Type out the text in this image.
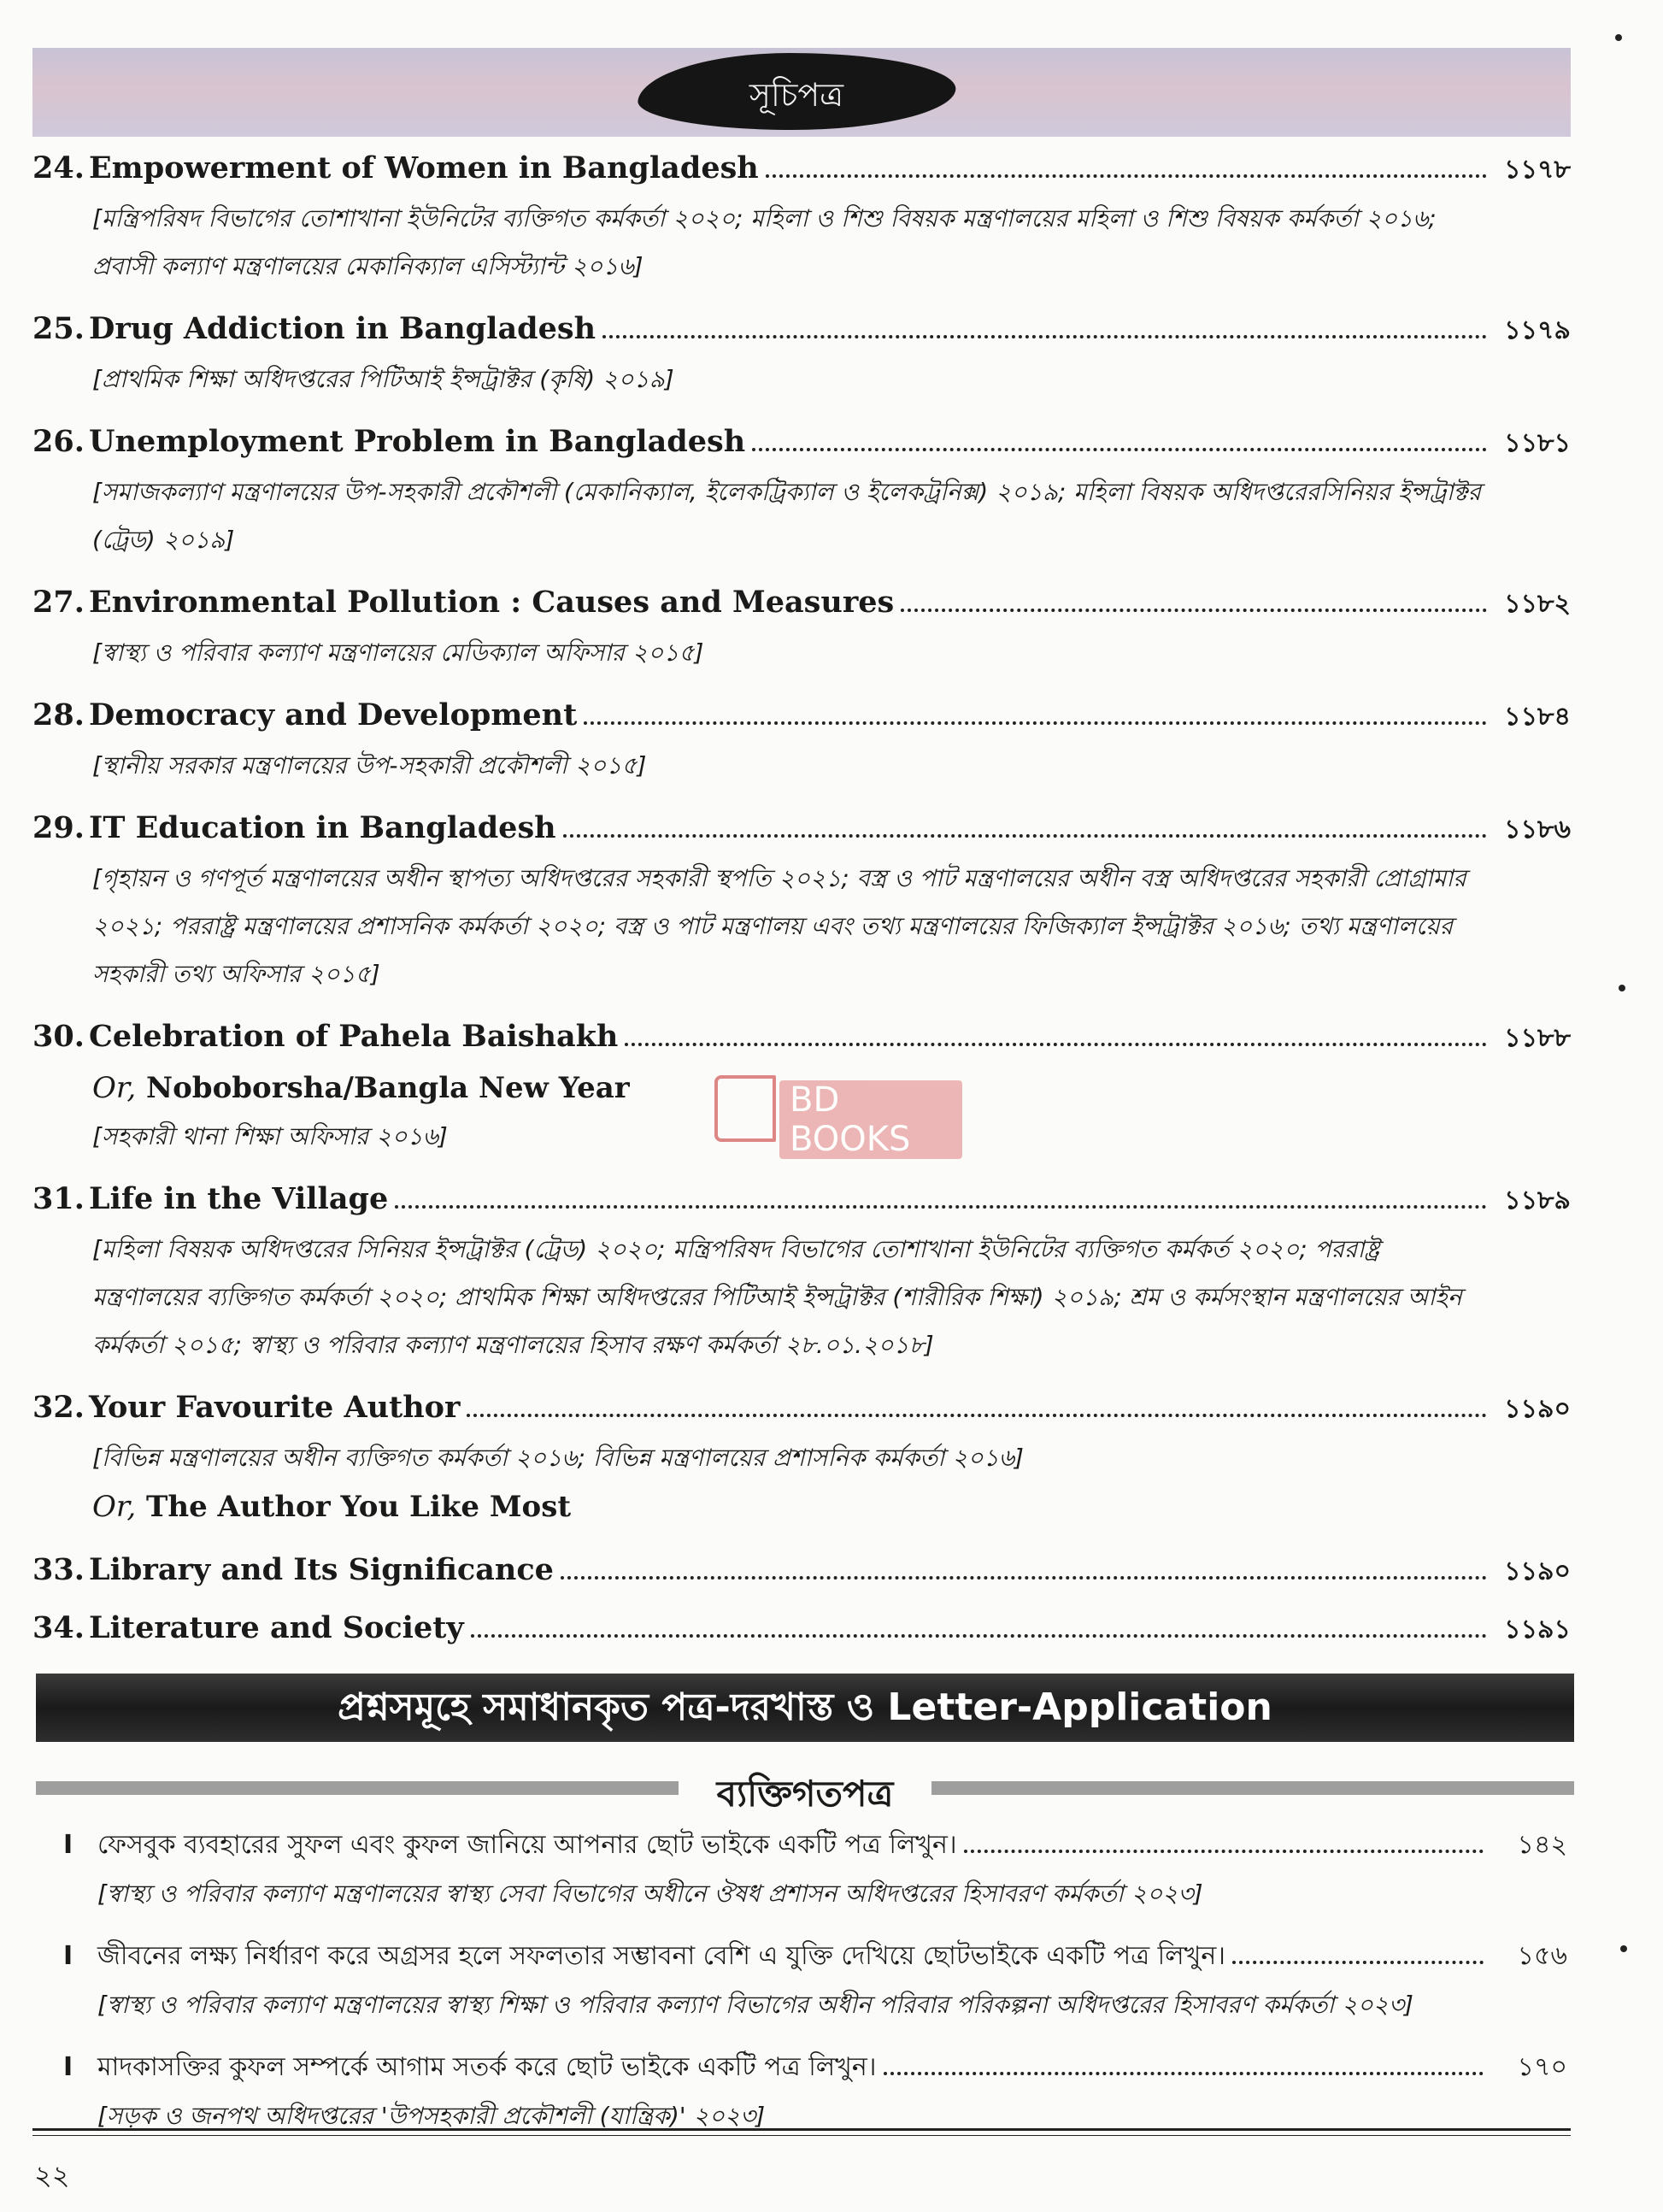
সূচিপত্র
24. Empowerment of Women in Bangladesh	১১৭৮
[মন্ত্রিপরিষদ বিভাগের তোশাখানা ইউনিটের ব্যক্তিগত কর্মকর্তা ২০২০; মহিলা ও শিশু বিষয়ক মন্ত্রণালয়ের মহিলা ও শিশু বিষয়ক কর্মকর্তা ২০১৬; প্রবাসী কল্যাণ মন্ত্রণালয়ের মেকানিক্যাল এসিস্ট্যান্ট ২০১৬]
25. Drug Addiction in Bangladesh	১১৭৯
[প্রাথমিক শিক্ষা অধিদপ্তরের পিটিআই ইন্সট্রাক্টর (কৃষি) ২০১৯]
26. Unemployment Problem in Bangladesh	১১৮১
[সমাজকল্যাণ মন্ত্রণালয়ের উপ-সহকারী প্রকৌশলী (মেকানিক্যাল, ইলেকট্রিক্যাল ও ইলেকট্রনিক্স) ২০১৯; মহিলা বিষয়ক অধিদপ্তরেরসিনিয়র ইন্সট্রাক্টর (ট্রেড) ২০১৯]
27. Environmental Pollution : Causes and Measures	১১৮২
[স্বাস্থ্য ও পরিবার কল্যাণ মন্ত্রণালয়ের মেডিক্যাল অফিসার ২০১৫]
28. Democracy and Development	১১৮৪
[স্থানীয় সরকার মন্ত্রণালয়ের উপ-সহকারী প্রকৌশলী ২০১৫]
29. IT Education in Bangladesh	১১৮৬
[গৃহায়ন ও গণপূর্ত মন্ত্রণালয়ের অধীন স্থাপত্য অধিদপ্তরের সহকারী স্থপতি ২০২১; বস্ত্র ও পাট মন্ত্রণালয়ের অধীন বস্ত্র অধিদপ্তরের সহকারী প্রোগ্রামার ২০২১; পররাষ্ট্র মন্ত্রণালয়ের প্রশাসনিক কর্মকর্তা ২০২০; বস্ত্র ও পাট মন্ত্রণালয় এবং তথ্য মন্ত্রণালয়ের ফিজিক্যাল ইন্সট্রাক্টর ২০১৬; তথ্য মন্ত্রণালয়ের সহকারী তথ্য অফিসার ২০১৫]
30. Celebration of Pahela Baishakh	১১৮৮
Or, Noboborsha/Bangla New Year
[সহকারী থানা শিক্ষা অফিসার ২০১৬]
31. Life in the Village	১১৮৯
[মহিলা বিষয়ক অধিদপ্তরের সিনিয়র ইন্সট্রাক্টর (ট্রেড) ২০২০; মন্ত্রিপরিষদ বিভাগের তোশাখানা ইউনিটের ব্যক্তিগত কর্মকর্ত ২০২০; পররাষ্ট্র মন্ত্রণালয়ের ব্যক্তিগত কর্মকর্তা ২০২০; প্রাথমিক শিক্ষা অধিদপ্তরের পিটিআই ইন্সট্রাক্টর (শারীরিক শিক্ষা) ২০১৯; শ্রম ও কর্মসংস্থান মন্ত্রণালয়ের আইন কর্মকর্তা ২০১৫; স্বাস্থ্য ও পরিবার কল্যাণ মন্ত্রণালয়ের হিসাব রক্ষণ কর্মকর্তা ২৮.০১.২০১৮]
32. Your Favourite Author	১১৯০
[বিভিন্ন মন্ত্রণালয়ের অধীন ব্যক্তিগত কর্মকর্তা ২০১৬; বিভিন্ন মন্ত্রণালয়ের প্রশাসনিক কর্মকর্তা ২০১৬]
Or, The Author You Like Most
33. Library and Its Significance	১১৯০
34. Literature and Society	১১৯১
BD BOOKS
প্রশ্নসমূহে সমাধানকৃত পত্র-দরখাস্ত ও Letter-Application
ব্যক্তিগতপত্র
I ফেসবুক ব্যবহারের সুফল এবং কুফল জানিয়ে আপনার ছোট ভাইকে একটি পত্র লিখুন।	১৪২
[স্বাস্থ্য ও পরিবার কল্যাণ মন্ত্রণালয়ের স্বাস্থ্য সেবা বিভাগের অধীনে ঔষধ প্রশাসন অধিদপ্তরের হিসাবরণ কর্মকর্তা ২০২৩]
I জীবনের লক্ষ্য নির্ধারণ করে অগ্রসর হলে সফলতার সম্ভাবনা বেশি এ যুক্তি দেখিয়ে ছোটভাইকে একটি পত্র লিখুন।	১৫৬
[স্বাস্থ্য ও পরিবার কল্যাণ মন্ত্রণালয়ের স্বাস্থ্য শিক্ষা ও পরিবার কল্যাণ বিভাগের অধীন পরিবার পরিকল্পনা অধিদপ্তরের হিসাবরণ কর্মকর্তা ২০২৩]
I মাদকাসক্তির কুফল সম্পর্কে আগাম সতর্ক করে ছোট ভাইকে একটি পত্র লিখুন।	১৭০
[সড়ক ও জনপথ অধিদপ্তরের 'উপসহকারী প্রকৌশলী (যান্ত্রিক)' ২০২৩]
২২
